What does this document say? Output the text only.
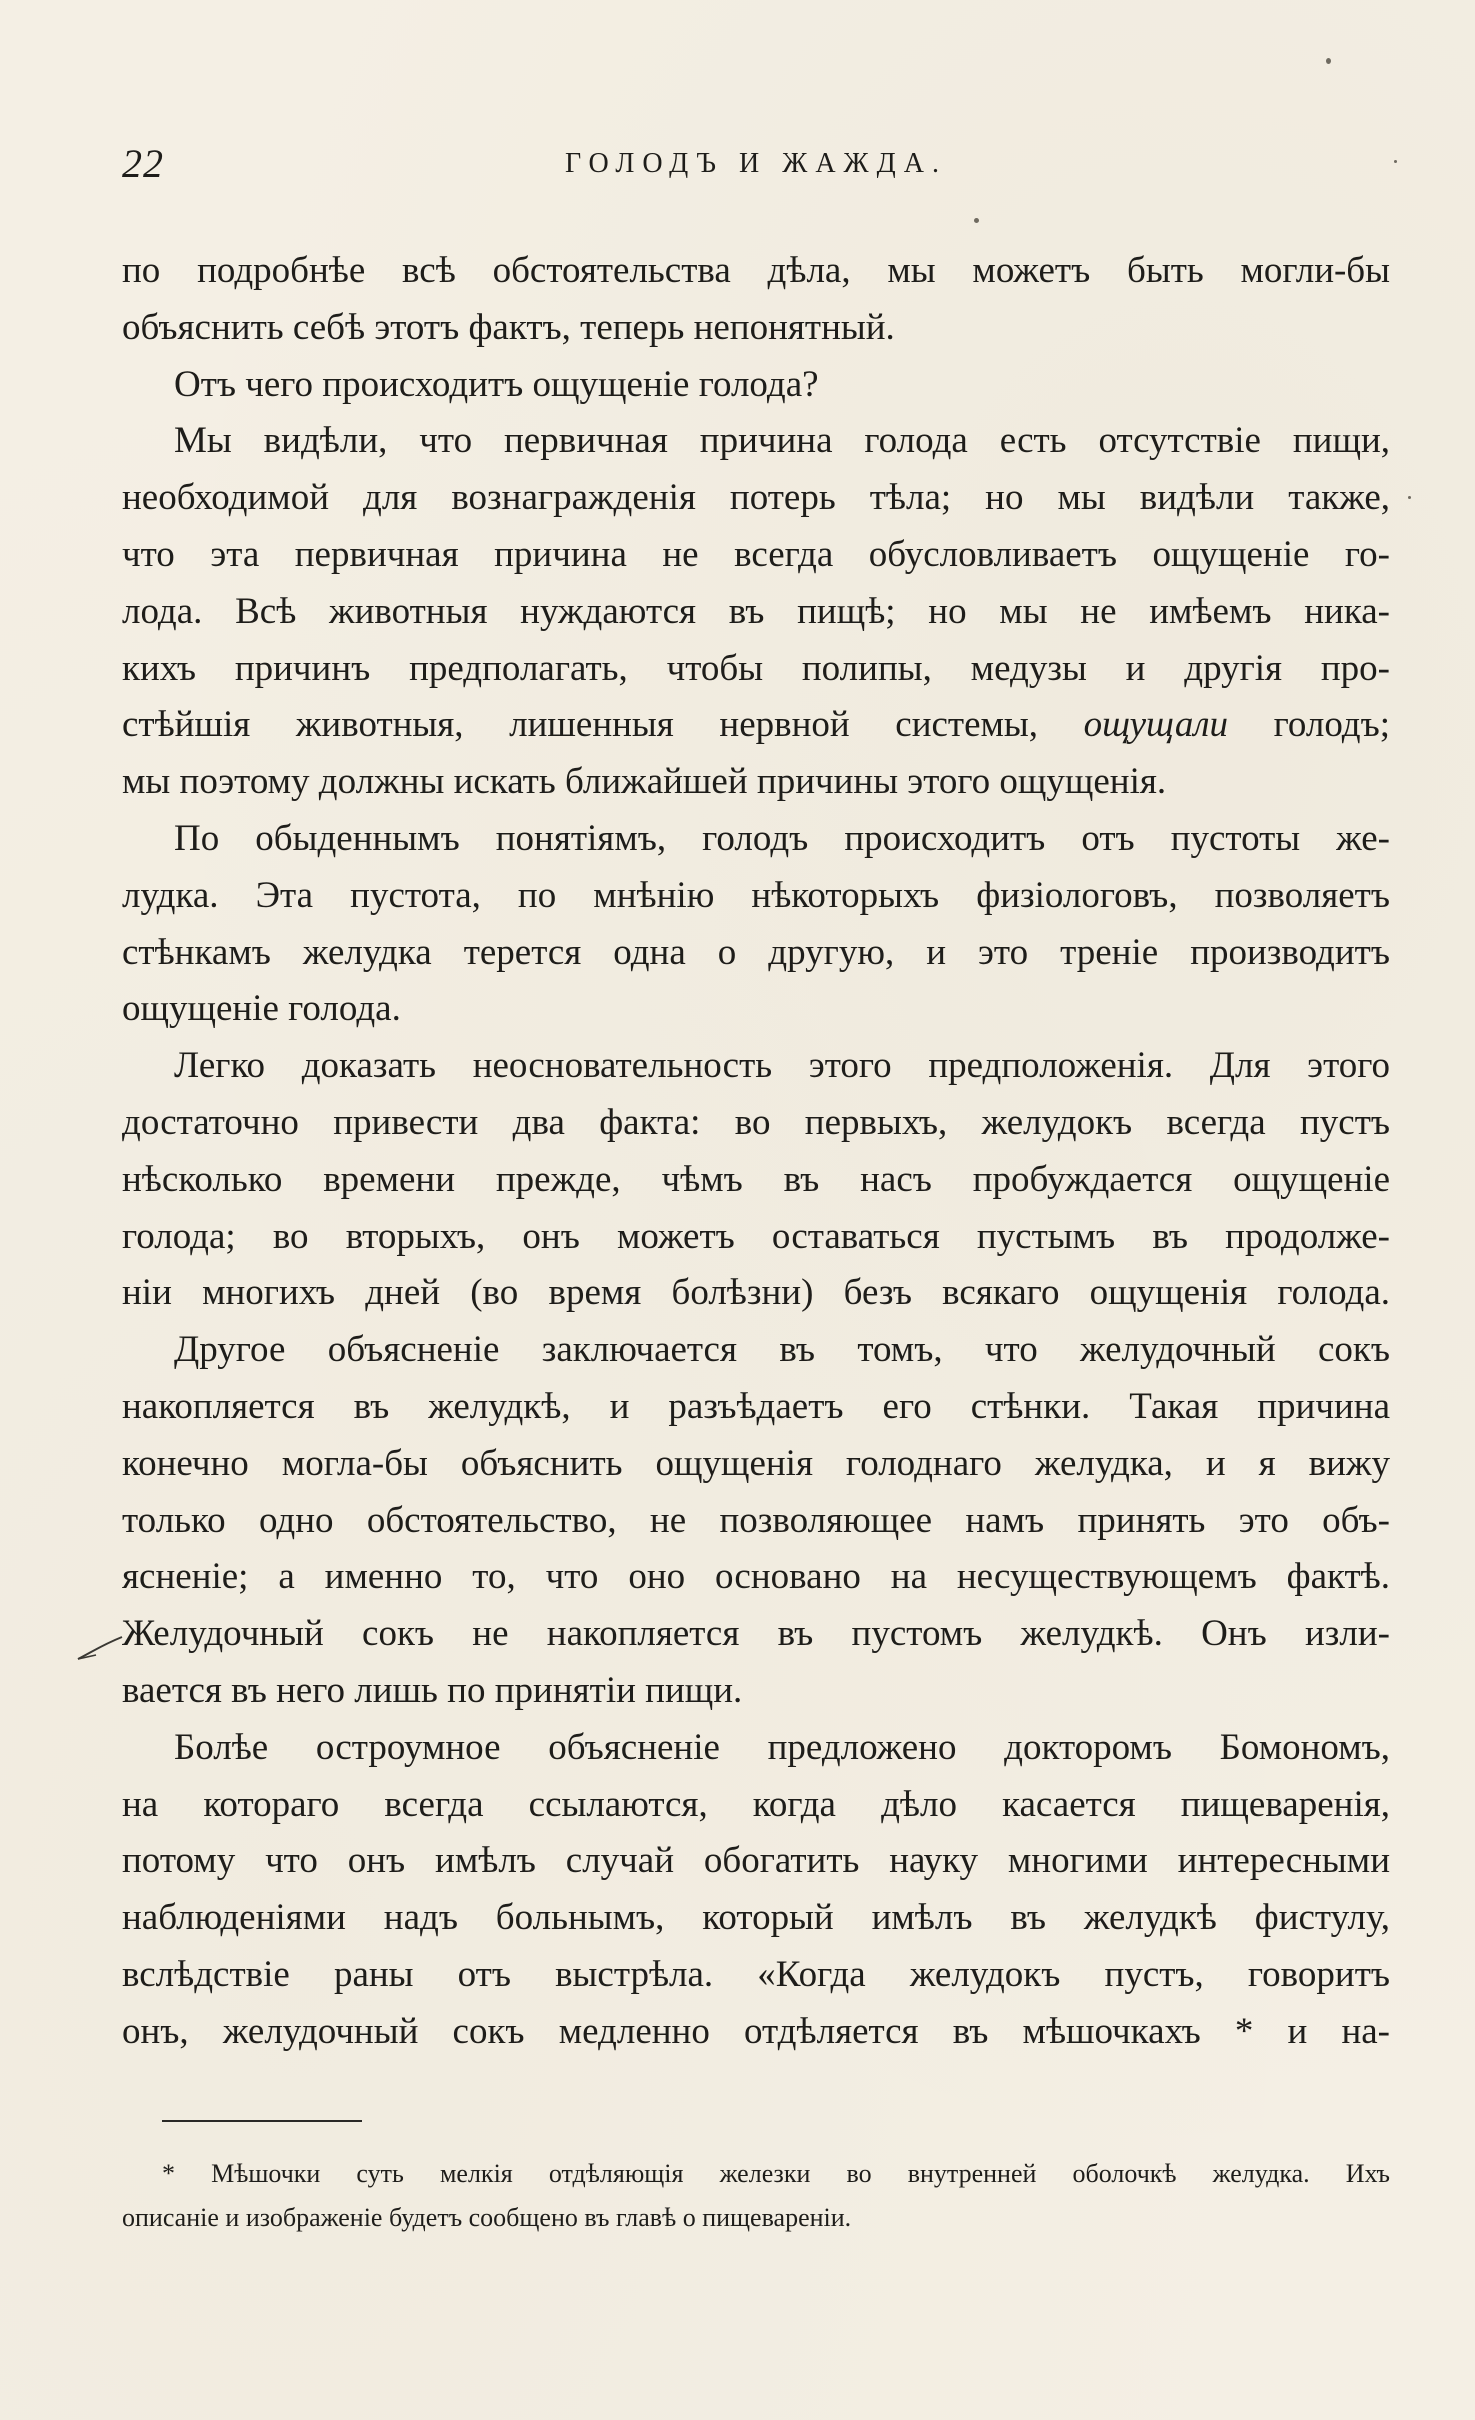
22	ГОЛОДЪ И ЖАЖДА.
по подробнѣе всѣ обстоятельства дѣла, мы можетъ быть могли-бы
объяснить себѣ этотъ фактъ, теперь непонятный.
Отъ чего происходитъ ощущеніе голода?
Мы видѣли, что первичная причина голода есть отсутствіе пищи,
необходимой для вознагражденія потерь тѣла; но мы видѣли также,
что эта первичная причина не всегда обусловливаетъ ощущеніе го-
лода. Всѣ животныя нуждаются въ пищѣ; но мы не имѣемъ ника-
кихъ причинъ предполагать, чтобы полипы, медузы и другія про-
стѣйшія животныя, лишенныя нервной системы, ощущали голодъ;
мы поэтому должны искать ближайшей причины этого ощущенія.
По обыденнымъ понятіямъ, голодъ происходитъ отъ пустоты же-
лудка. Эта пустота, по мнѣнію нѣкоторыхъ физіологовъ, позволяетъ
стѣнкамъ желудка терется одна о другую, и это треніе производитъ
ощущеніе голода.
Легко доказать неосновательность этого предположенія. Для этого
достаточно привести два факта: во первыхъ, желудокъ всегда пустъ
нѣсколько времени прежде, чѣмъ въ насъ пробуждается ощущеніе
голода; во вторыхъ, онъ можетъ оставаться пустымъ въ продолже-
ніи многихъ дней (во время болѣзни) безъ всякаго ощущенія голода.
Другое объясненіе заключается въ томъ, что желудочный сокъ
накопляется въ желудкѣ, и разъѣдаетъ его стѣнки. Такая причина
конечно могла-бы объяснить ощущенія голоднаго желудка, и я вижу
только одно обстоятельство, не позволяющее намъ принять это объ-
ясненіе; а именно то, что оно основано на несуществующемъ фактѣ.
Желудочный сокъ не накопляется въ пустомъ желудкѣ. Онъ изли-
вается въ него лишь по принятіи пищи.
Болѣе остроумное объясненіе предложено докторомъ Бомономъ,
на котораго всегда ссылаются, когда дѣло касается пищеваренія,
потому что онъ имѣлъ случай обогатить науку многими интересными
наблюденіями надъ больнымъ, который имѣлъ въ желудкѣ фистулу,
вслѣдствіе раны отъ выстрѣла. «Когда желудокъ пустъ, говоритъ
онъ, желудочный сокъ медленно отдѣляется въ мѣшочкахъ * и на-
* Мѣшочки суть мелкія отдѣляющія железки во внутренней оболочкѣ желудка. Ихъ
описаніе и изображеніе будетъ сообщено въ главѣ о пищевареніи.
